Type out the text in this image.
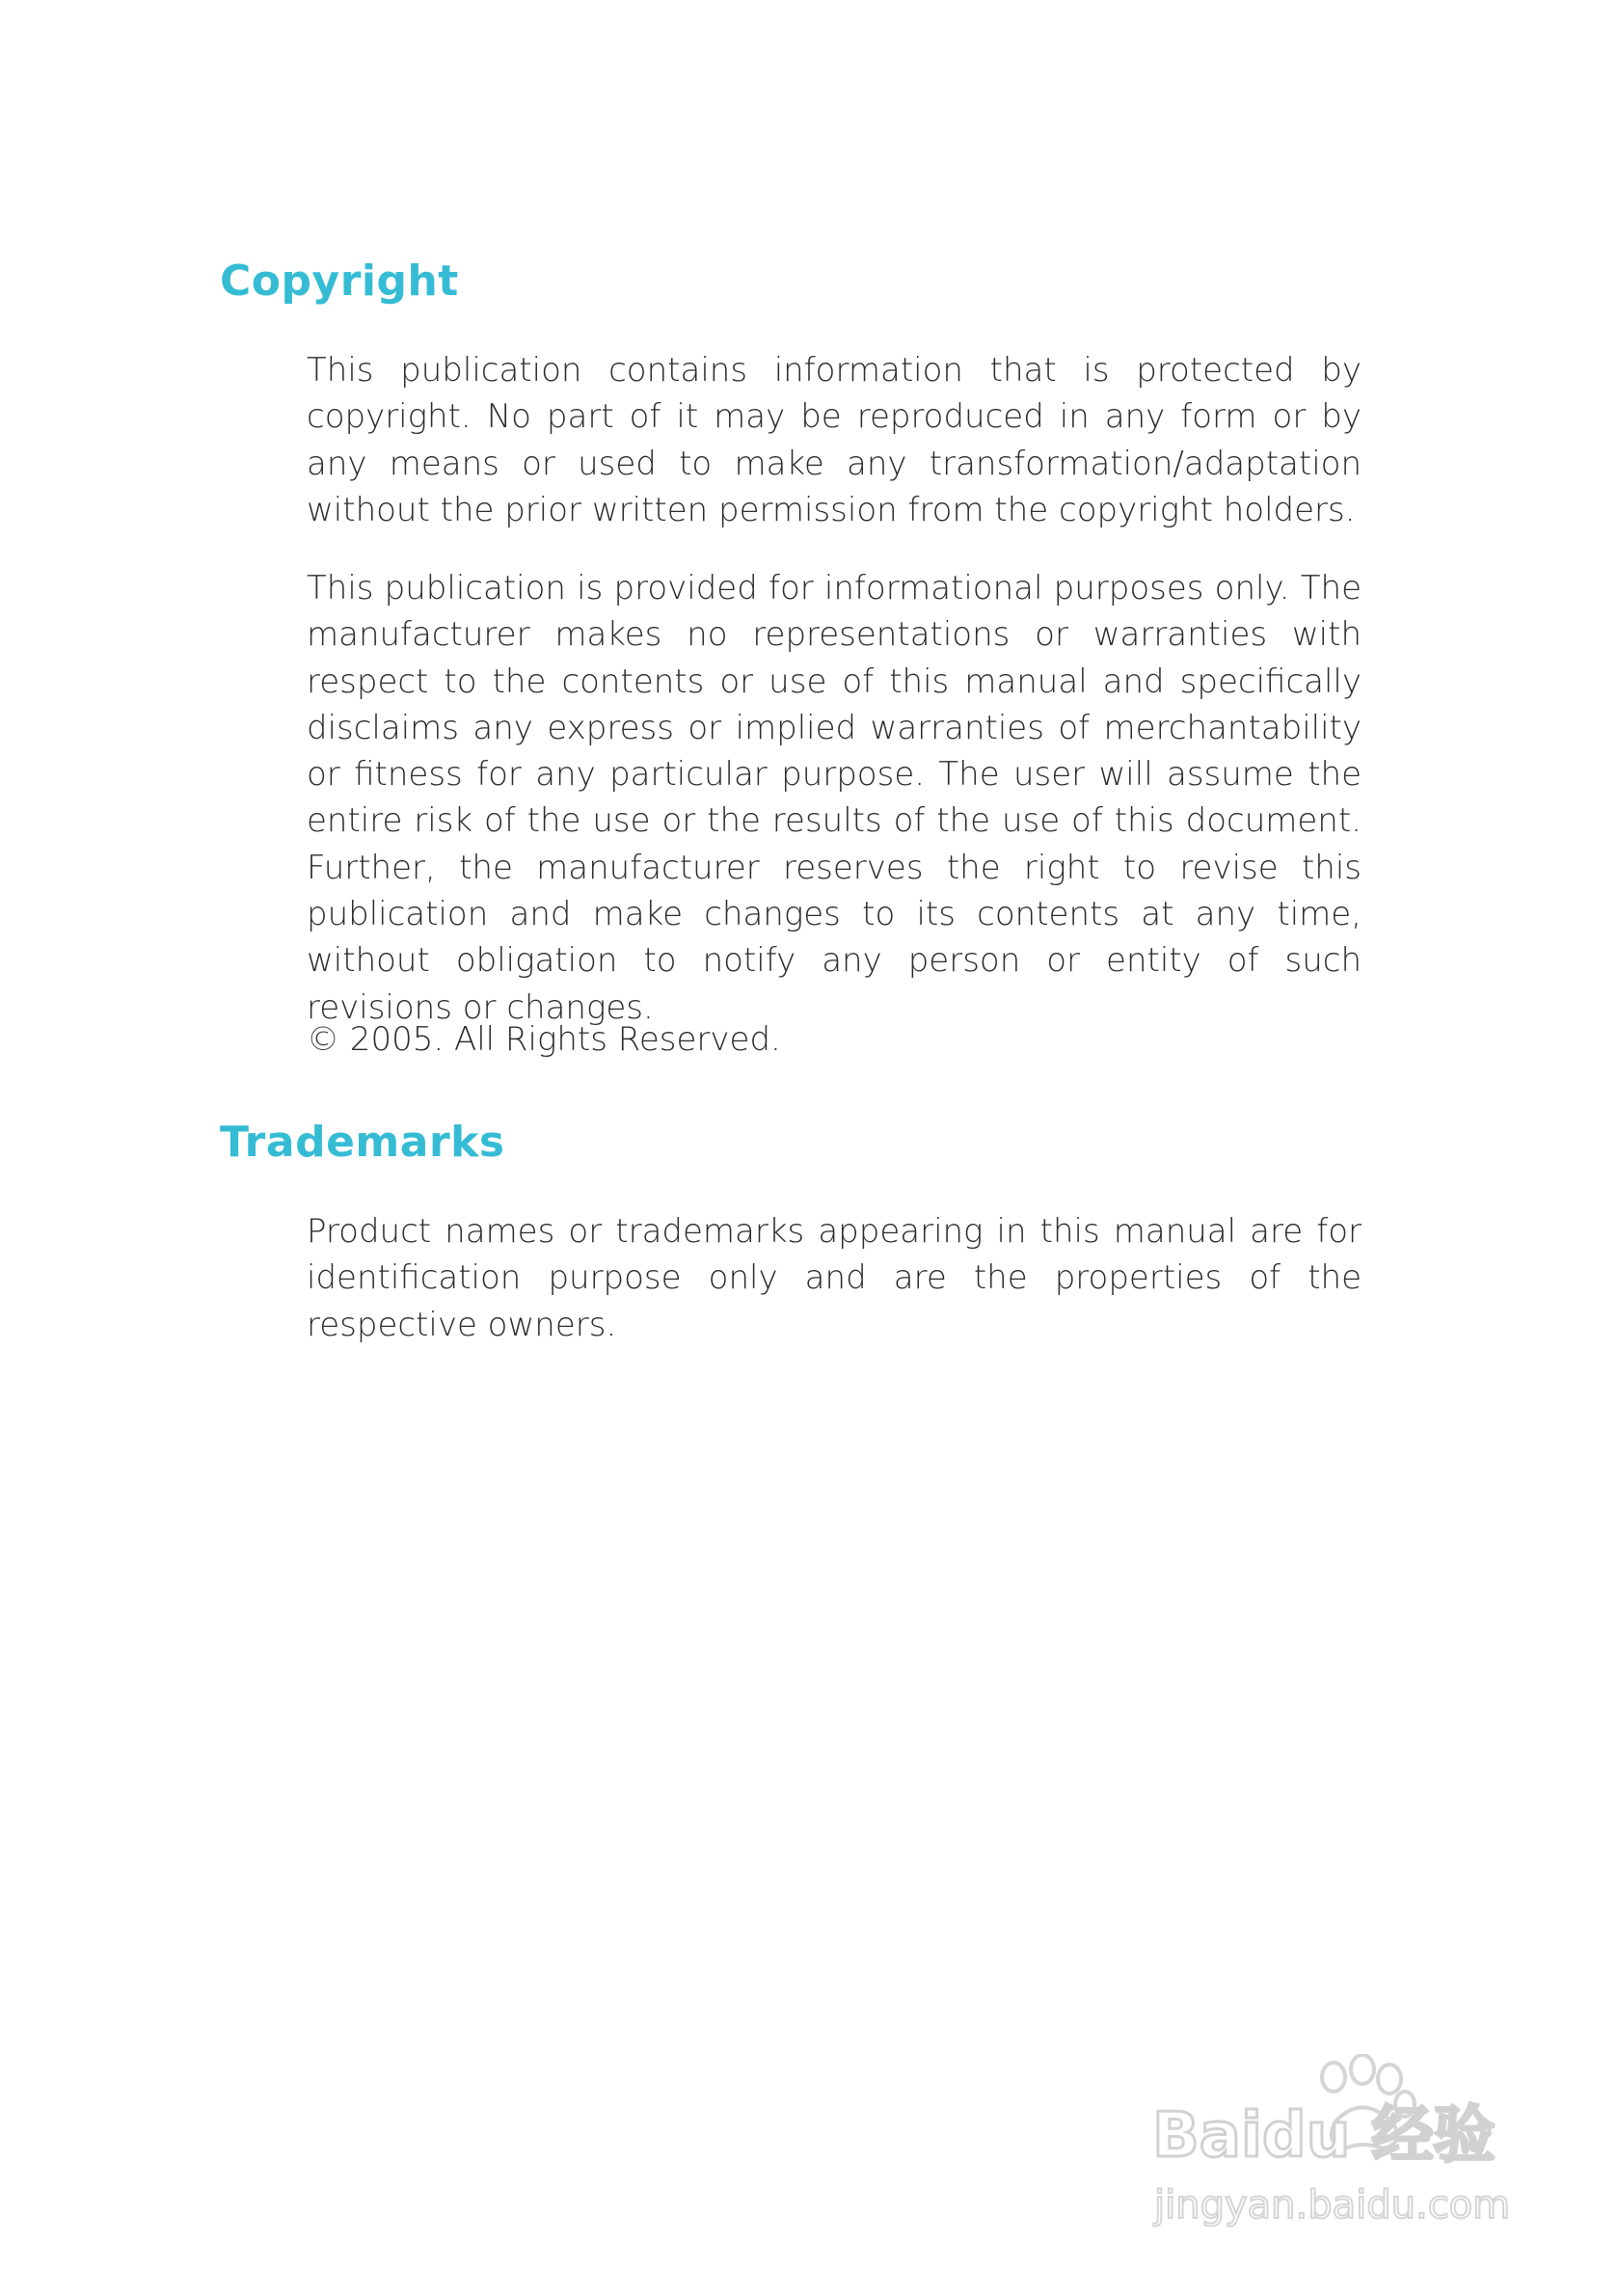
Copyright

This publication contains information that is protected by copyright. No part of it may be reproduced in any form or by any means or used to make any transformation/adaptation without the prior written permission from the copyright holders.

This publication is provided for informational purposes only. The manufacturer makes no representations or warranties with respect to the contents or use of this manual and specifically disclaims any express or implied warranties of merchantability or fitness for any particular purpose. The user will assume the entire risk of the use or the results of the use of this document. Further, the manufacturer reserves the right to revise this publication and make changes to its contents at any time, without obligation to notify any person or entity of such revisions or changes.

© 2005. All Rights Reserved.

Trademarks

Product names or trademarks appearing in this manual are for identification purpose only and are the properties of the respective owners.

Baidu 经验
jingyan.baidu.com
